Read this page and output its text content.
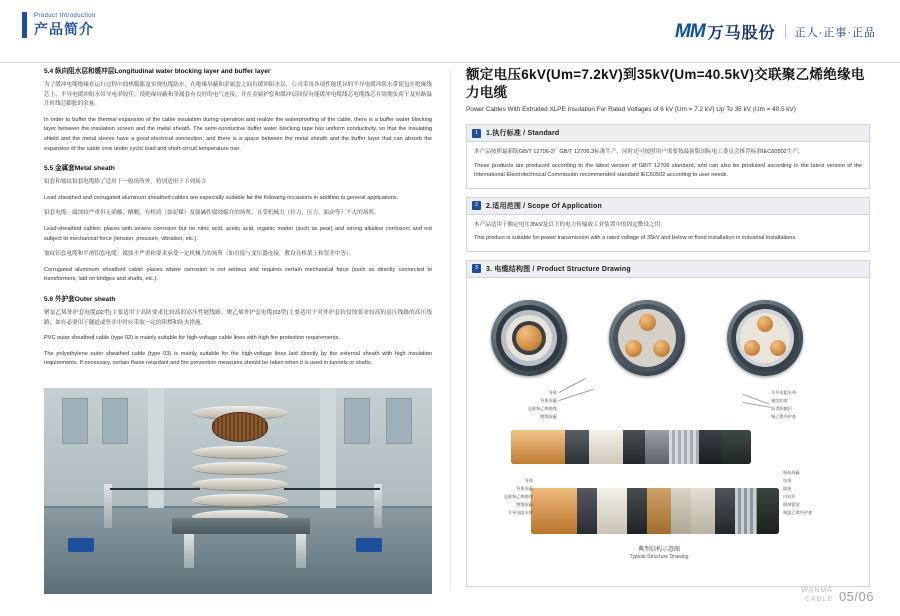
Product Introduction
产品简介	MM 万马股份 正人·正事·正品
5.4 纵向阻水层和缓冲层Longitudinal water blocking layer and buffer layer
为了缓冲电缆绝缘在运行过程中的热膨胀及实现电缆防水，在绝缘屏蔽和金属套之间有缓冲阻水层，公司采用各项性能优异的半导电缓冲阻水带使包在绝缘线芯上，半导电缓冲阻水带导电率较佳，使绝缘屏蔽和金属套有良好的电气连接，并在金属护套和缓冲层间留有能缓冲电缆线芯电缆线芯在周期负荷下及短路温升时线芯膨胀的余量。
In order to buffer the thermal expansion of the cable insulation during operation and realize the waterproofing of the cable, there is a buffer water blocking layer between the insulation screen and the metal sheath. The semi-conductive buffer water blocking tape has uniform conductivity, so that the insulating shield and the metal sleeve have a good electrical connection, and there is a space between the metal sheath and the buffer layer that can absorb the expansion of the cable core under cyclic load and short-circuit temperature rise.
5.5 金属套Metal sheath
铅套和皱纹铅套电缆除了适用于一般场所外，特别适用于下列场合
Lead sheathed and corrugated aluminum sheathed cables are especially suitable for the following occasions in addition to general applications.
铅套电缆：腐蚀较严重但无硝酸、醋酸、有机质（如泥煤）及强碱性腐蚀媒介的场所；且受机械力（拉力、压力、振动等）不大的场所。
Lead-sheathed cables: places with severe corrosion but no nitric acid, acetic acid, organic matter (such as peat) and strong alkaline corrosion; and not subject to mechanical force (tension, pressure, vibration, etc.).
皱纹铝套电缆和平滑铝套电缆：腐蚀不严重和要求承受一定机械力的场所（如直接与变压器连接，敷设在桥架上和竖井中等）。
Corrugated aluminum sheathed cable: places where corrosion is not serious and requires certain mechanical force (such as directly connected to transformers, laid on bridges and shafts, etc.).
5.6 外护套Outer sheath
聚氯乙烯外护套电缆(02型)主要适用于高防要求比较高的高压性能线路。聚乙烯外护套电缆(03型)主要适用于对外护套抗侵蚀要求较高的高压线路的高压线路，如有必要用于隧道或竖井中时应采取一定的阻燃和防火措施。
PVC outer sheathed cable (type 02) is mainly suitable for high-voltage cable lines with high fire protection requirements.
The polyethylene outer sheathed cable (type 03) is mainly suitable for the high-voltage lines laid directly by the external sheath with high insulation requirements. If necessary, certain flame retardant and fire prevention measures should be taken when it is used in tunnels or shafts.
额定电压6kV(Um=7.2kV)到35kV(Um=40.5kV)交联聚乙烯绝缘电力电缆
Power Cables With Extruded XLPE Insulation For Rated Voltages of 6 kV (Um = 7.2 kV) Up To 35 kV (Um = 40.5 kV)
1	1.执行标准 / Standard
本产品按照最新版GB/T 12706-2厂GB/T 12706.3标准生产，同时还可按照用户需要按最新版国际电工委员会推荐标准IEC60502生产。
These products are produced according to the latest version of GB/T 12706 standard, and can also be produced according to the latest version of the International Electrotechnical Commission recommended standard IEC60502 according to user needs.
2	2.适用范围 / Scope Of Application
本产品适用于额定电压35kV及以下的电力传输或工业装置中的固定敷设之用。
This product is suitable for power transmission with a rated voltage of 35kV and below or fixed installation in industrial installations.
3	3. 电缆结构图 / Product Structure Drawing
导体
导体屏蔽
交联聚乙烯绝缘
绝缘屏蔽
半导电阻水带
皱纹铝套
沥青防腐层
聚乙烯外护套
导体
导体屏蔽
交联聚乙烯绝缘
绝缘屏蔽
半导电阻水带
铜丝屏蔽
包带
填充
内衬层
钢带铠装
聚氯乙烯外护套
典型结构示意图
Typical Structure Drawing
WANMA
CABLE 05/06
